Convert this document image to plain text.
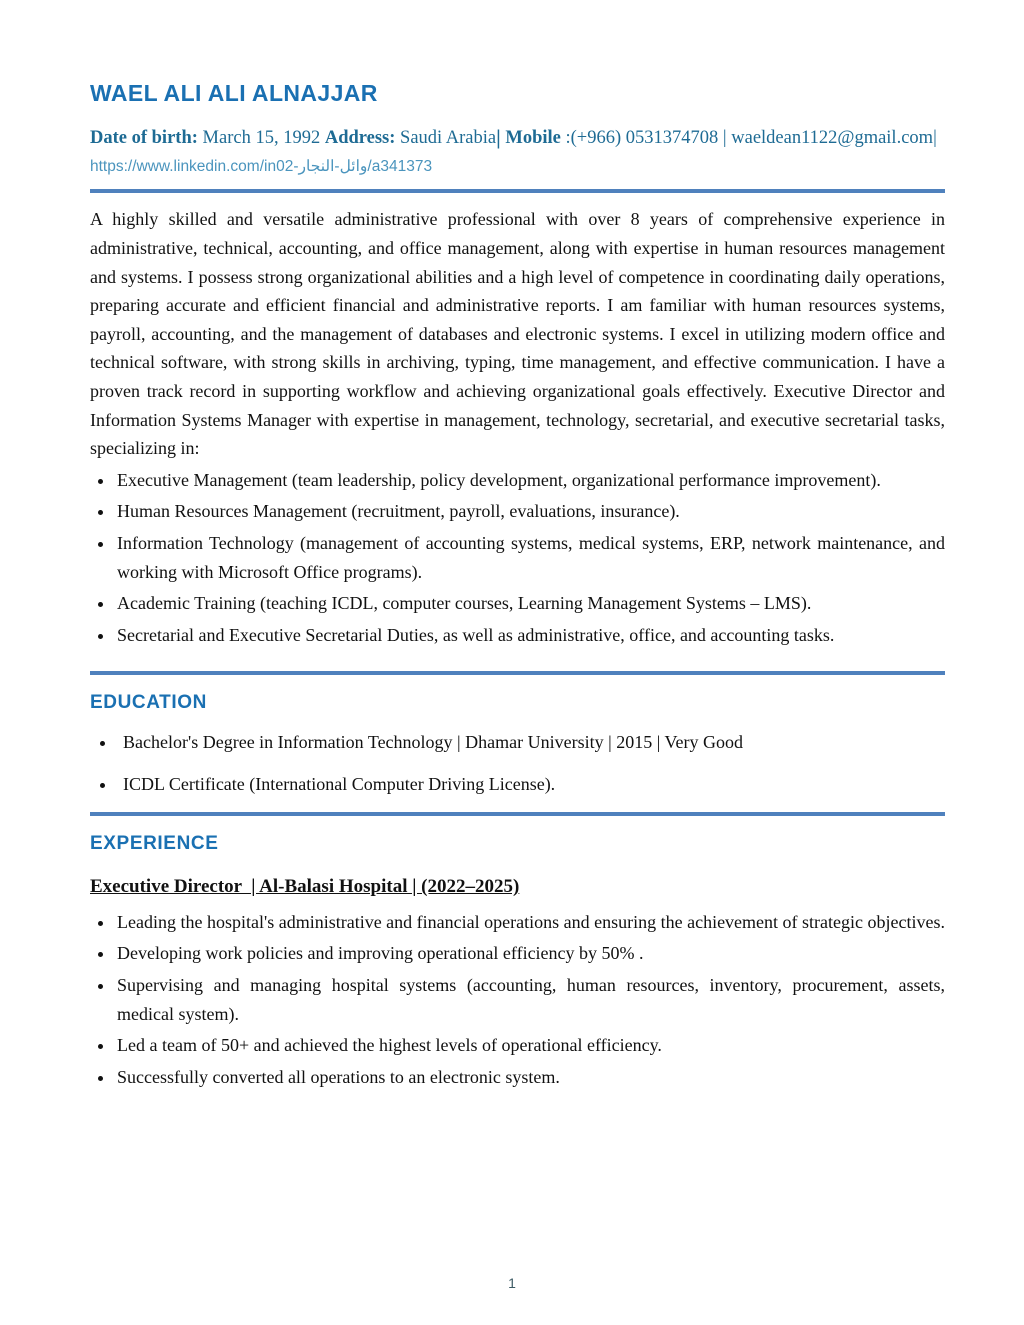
WAEL ALI ALI ALNAJJAR

Date of birth: March 15, 1992 Address: Saudi Arabia| Mobile :(+966) 0531374708 | waeldean1122@gmail.com|

https://www.linkedin.com/in02-وائل-النجار/a341373

A highly skilled and versatile administrative professional with over 8 years of comprehensive experience in administrative, technical, accounting, and office management, along with expertise in human resources management and systems. I possess strong organizational abilities and a high level of competence in coordinating daily operations, preparing accurate and efficient financial and administrative reports. I am familiar with human resources systems, payroll, accounting, and the management of databases and electronic systems. I excel in utilizing modern office and technical software, with strong skills in archiving, typing, time management, and effective communication. I have a proven track record in supporting workflow and achieving organizational goals effectively. Executive Director and Information Systems Manager with expertise in management, technology, secretarial, and executive secretarial tasks, specializing in:

• Executive Management (team leadership, policy development, organizational performance improvement).
• Human Resources Management (recruitment, payroll, evaluations, insurance).
• Information Technology (management of accounting systems, medical systems, ERP, network maintenance, and working with Microsoft Office programs).
• Academic Training (teaching ICDL, computer courses, Learning Management Systems – LMS).
• Secretarial and Executive Secretarial Duties, as well as administrative, office, and accounting tasks.
EDUCATION
• Bachelor's Degree in Information Technology | Dhamar University | 2015 | Very Good
• ICDL Certificate (International Computer Driving License).
EXPERIENCE

Executive Director  | Al-Balasi Hospital | (2022–2025)

• Leading the hospital's administrative and financial operations and ensuring the achievement of strategic objectives.
• Developing work policies and improving operational efficiency by 50% .
• Supervising and managing hospital systems (accounting, human resources, inventory, procurement, assets, medical system).
• Led a team of 50+ and achieved the highest levels of operational efficiency.
• Successfully converted all operations to an electronic system.
1
